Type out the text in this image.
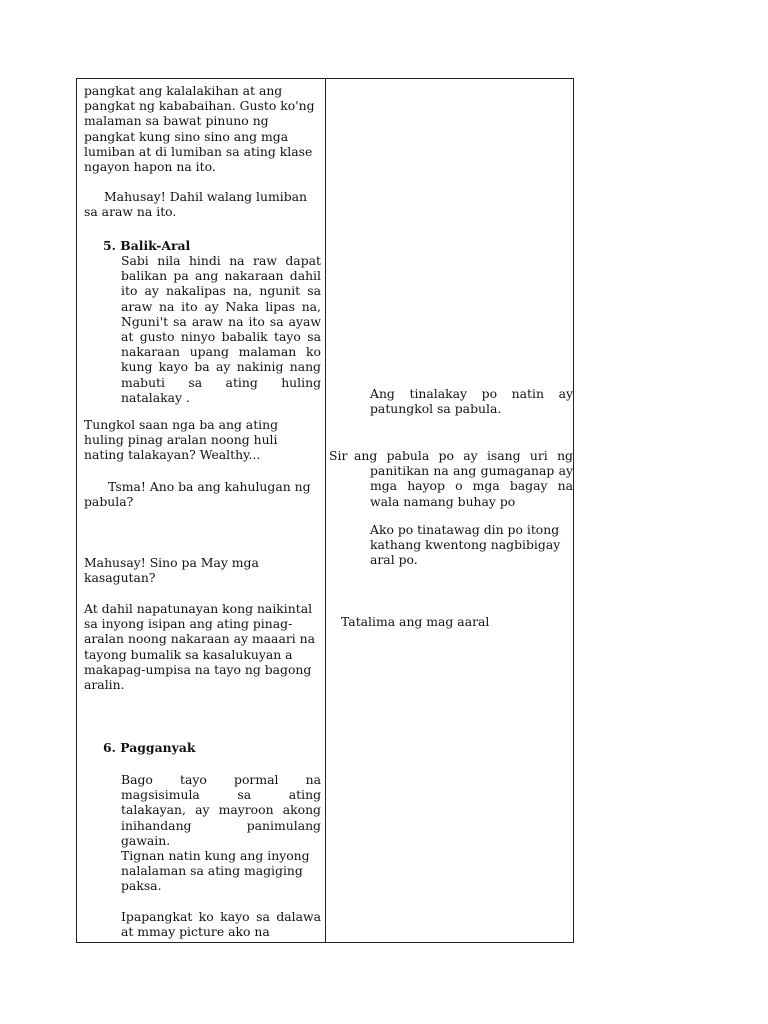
pangkat ang kalalakihan at ang pangkat ng kababaihan. Gusto ko'ng malaman sa bawat pinuno ng pangkat kung sino sino ang mga lumiban at di lumiban sa ating klase ngayon hapon na ito.

Mahusay! Dahil walang lumiban sa araw na ito.

5. Balik-Aral

Sabi nila hindi na raw dapat balikan pa ang nakaraan dahil ito ay nakalipas na, ngunit sa araw na ito ay Naka lipas na, Nguni't sa araw na ito sa ayaw at gusto ninyo babalik tayo sa nakaraan upang malaman ko kung kayo ba ay nakinig nang mabuti sa ating huling natalakay .

Tungkol saan nga ba ang ating huling pinag aralan noong huli nating talakayan? Wealthy...

Tsma! Ano ba ang kahulugan ng pabula?

Mahusay! Sino pa May mga kasagutan?

At dahil napatunayan kong naikintal sa inyong isipan ang ating pinag-aralan noong nakaraan ay maaari na tayong bumalik sa kasalukuyan a makapag-umpisa na tayo ng bagong aralin.

6. Pagganyak

Bago tayo pormal na magsisimula sa ating talakayan, ay mayroon akong inihandang panimulang gawain.

Tignan natin kung ang inyong nalalaman sa ating magiging paksa.

Ipapangkat ko kayo sa dalawa at mmay picture ako na

Ang tinalakay po natin ay patungkol sa pabula.

Sir ang pabula po ay isang uri ng panitikan na ang gumaganap ay mga hayop o mga bagay na wala namang buhay po

Ako po tinatawag din po itong kathang kwentong nagbibigay aral po.

Tatalima ang mag aaral
